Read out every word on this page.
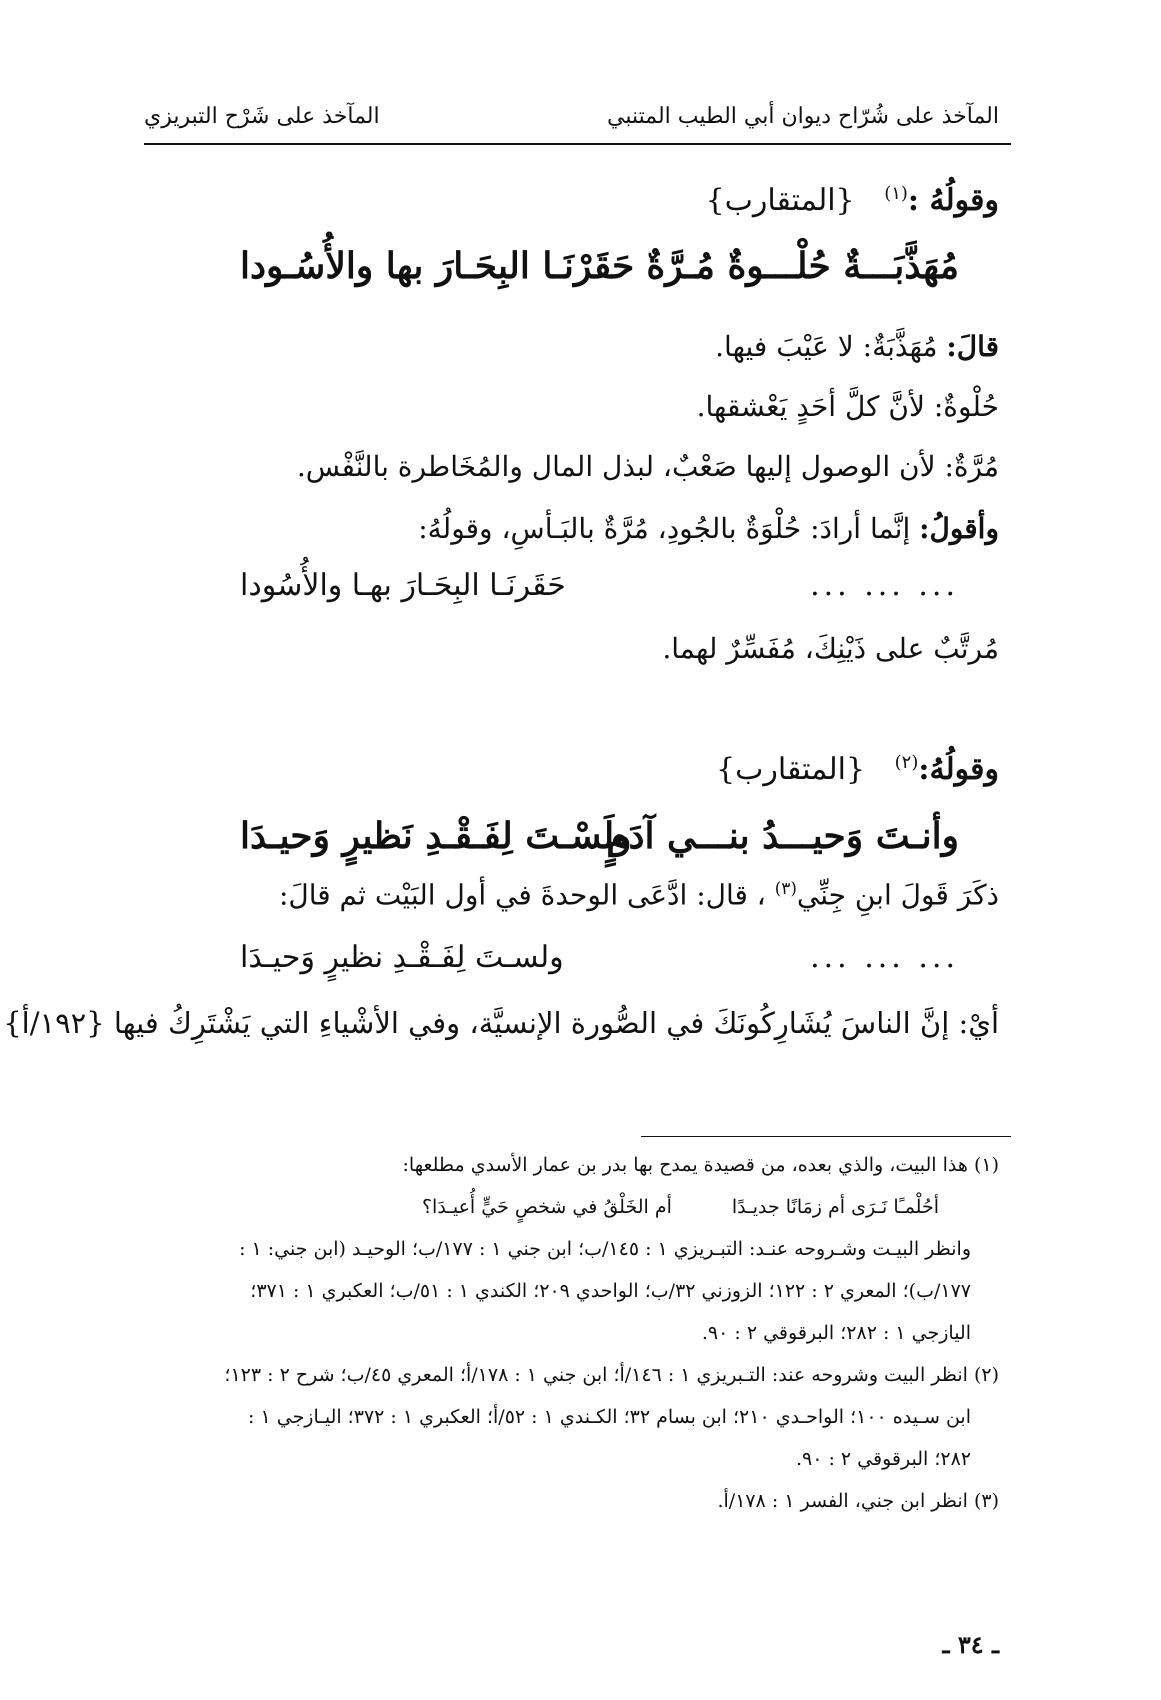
المآخذ على شُرّاح ديوان أبي الطيب المتنبي
المآخذ على شَرْح التبريزي
وقولُهُ :$^{(١)}$ {المتقارب}
مُهَذَّبَـــةٌ حُلْـــوةٌ مُـرَّةٌ
حَقَرْنَـا البِحَـارَ بها والأُسُـودا
قالَ: مُهَذَّبَةٌ: لا عَيْبَ فيها.
حُلْوةٌ: لأنَّ كلَّ أحَدٍ يَعْشقها.
مُرَّةٌ: لأن الوصول إليها صَعْبٌ، لبذل المال والمُخَاطرة بالنَّفْس.
وأقولُ: إنَّما أرادَ: حُلْوَةٌ بالجُودِ، مُرَّةٌ بالبَـأسِ، وقولُهُ:
... ... ...
حَقَرنَـا البِحَـارَ بهـا والأُسُودا
مُرتَّبٌ على ذَيْنِكَ، مُفَسِّرٌ لهما.
وقولُهُ:$^{(٢)}$ {المتقارب}
وأنـتَ وَحيـــدُ بنـــي آدَمٍ
ولَسْـتَ لِفَـقْـدِ نَظيرٍ وَحيـدَا
ذكَرَ قَولَ ابنِ جِنِّي$^{(٣)}$ ، قال: ادَّعَى الوحدةَ في أول البَيْت ثم قالَ:
... ... ...
ولسـتَ لِفَـقْـدِ نظيرٍ وَحيـدَا
أيْ: إنَّ الناسَ يُشَارِكُونَكَ في الصُّورة الإنسيَّة، وفي الأشْياءِ التي يَشْتَرِكُ فيها {١٩٢/أ}
(١) هذا البيت، والذي بعده، من قصيدة يمدح بها بدر بن عمار الأسدي مطلعها:
أحُلْمـًا نَـرَى أم زمَانًا جديـدًاأم الخَلْقُ في شخصٍ حَيٍّ أُعيـدَا؟
وانظر البيـت وشـروحه عنـد: التبـريزي ١ : ١٤٥/ب؛ ابن جني ١ : ١٧٧/ب؛ الوحيـد (ابن جني: ١ :
١٧٧/ب)؛ المعري ٢ : ١٢٢؛ الزوزني ٣٢/ب؛ الواحدي ٢٠٩؛ الكندي ١ : ٥١/ب؛ العكبري ١ : ٣٧١؛
اليازجي ١ : ٢٨٢؛ البرقوقي ٢ : ٩٠.
(٢) انظر البيت وشروحه عند: التـبريزي ١ : ١٤٦/أ؛ ابن جني ١ : ١٧٨/أ؛ المعري ٤٥/ب؛ شرح ٢ : ١٢٣؛
ابن سـيده ١٠٠؛ الواحـدي ٢١٠؛ ابن بسام ٣٢؛ الكـندي ١ : ٥٢/أ؛ العكبري ١ : ٣٧٢؛ اليـازجي ١ :
٢٨٢؛ البرقوقي ٢ : ٩٠.
(٣) انظر ابن جني، الفسر ١ : ١٧٨/أ.
ـ ٣٤ ـ
